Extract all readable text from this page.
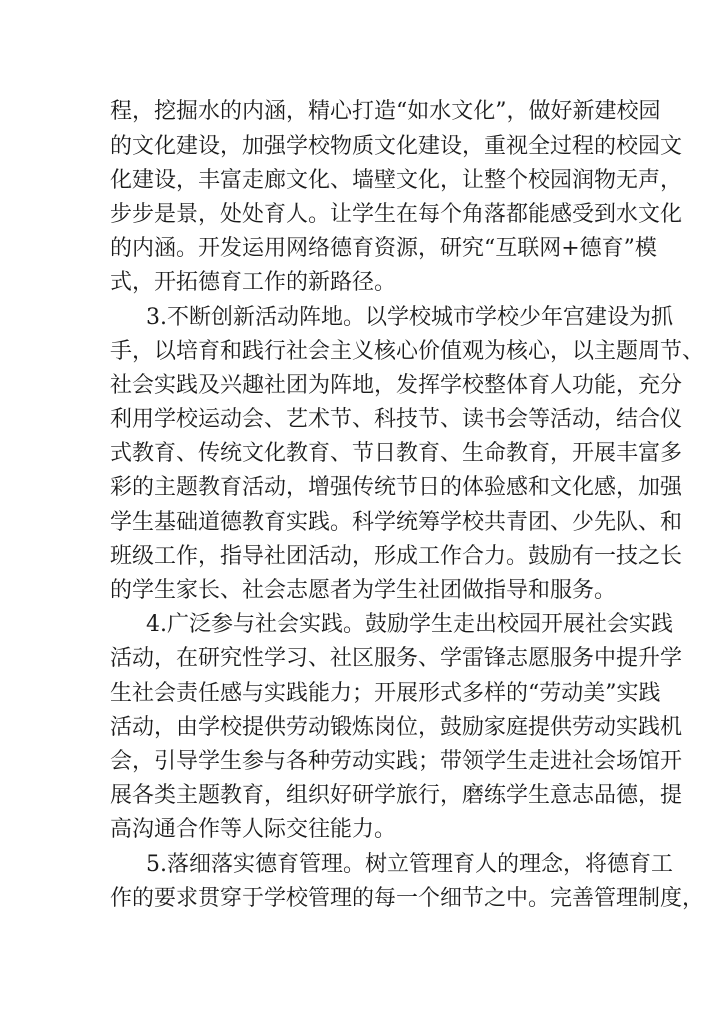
程，挖掘水的内涵，精心打造“如水文化”，做好新建校园
的文化建设，加强学校物质文化建设，重视全过程的校园文
化建设，丰富走廊文化、墙壁文化，让整个校园润物无声，
步步是景，处处育人。让学生在每个角落都能感受到水文化
的内涵。开发运用网络德育资源，研究“互联网+德育”模
式，开拓德育工作的新路径。
3.不断创新活动阵地。以学校城市学校少年宫建设为抓
手，以培育和践行社会主义核心价值观为核心，以主题周节、
社会实践及兴趣社团为阵地，发挥学校整体育人功能，充分
利用学校运动会、艺术节、科技节、读书会等活动，结合仪
式教育、传统文化教育、节日教育、生命教育，开展丰富多
彩的主题教育活动，增强传统节日的体验感和文化感，加强
学生基础道德教育实践。科学统筹学校共青团、少先队、和
班级工作，指导社团活动，形成工作合力。鼓励有一技之长
的学生家长、社会志愿者为学生社团做指导和服务。
4.广泛参与社会实践。鼓励学生走出校园开展社会实践
活动，在研究性学习、社区服务、学雷锋志愿服务中提升学
生社会责任感与实践能力；开展形式多样的“劳动美”实践
活动，由学校提供劳动锻炼岗位，鼓励家庭提供劳动实践机
会，引导学生参与各种劳动实践；带领学生走进社会场馆开
展各类主题教育，组织好研学旅行，磨练学生意志品德，提
高沟通合作等人际交往能力。
5.落细落实德育管理。树立管理育人的理念，将德育工
作的要求贯穿于学校管理的每一个细节之中。完善管理制度，
